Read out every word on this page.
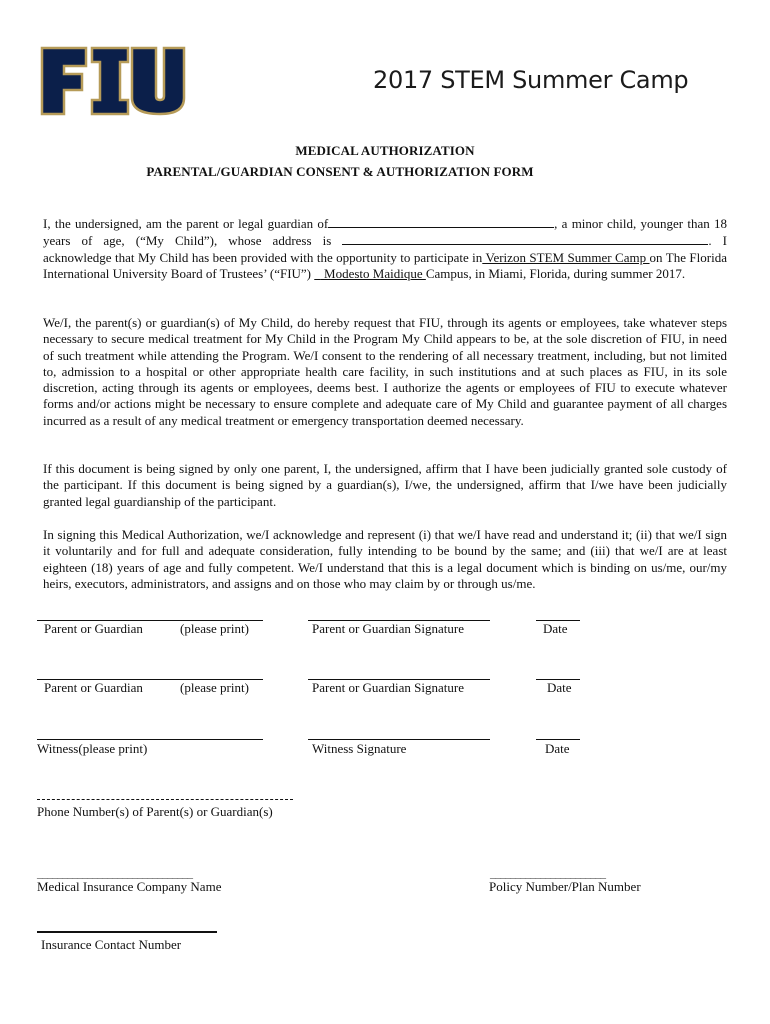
2017 STEM Summer Camp
MEDICAL AUTHORIZATION
PARENTAL/GUARDIAN CONSENT & AUTHORIZATION FORM
I, the undersigned, am the parent or legal guardian of	, a minor child, younger than 18 years of age, (“My Child”), whose address is	. I acknowledge that My Child has been provided with the opportunity to participate in Verizon STEM Summer Camp on The Florida International University Board of Trustees’ (“FIU”)    Modesto Maidique Campus, in Miami, Florida, during summer 2017.
We/I, the parent(s) or guardian(s) of My Child, do hereby request that FIU, through its agents or employees, take whatever steps necessary to secure medical treatment for My Child in the Program My Child appears to be, at the sole discretion of FIU, in need of such treatment while attending the Program. We/I consent to the rendering of all necessary treatment, including, but not limited to, admission to a hospital or other appropriate health care facility, in such institutions and at such places as FIU, in its sole discretion, acting through its agents or employees, deems best. I authorize the agents or employees of FIU to execute whatever forms and/or actions might be necessary to ensure complete and adequate care of My Child and guarantee payment of all charges incurred as a result of any medical treatment or emergency transportation deemed necessary.
If this document is being signed by only one parent, I, the undersigned, affirm that I have been judicially granted sole custody of the participant. If this document is being signed by a guardian(s), I/we, the undersigned, affirm that I/we have been judicially granted legal guardianship of the participant.
In signing this Medical Authorization, we/I acknowledge and represent (i) that we/I have read and understand it; (ii) that we/I sign it voluntarily and for full and adequate consideration, fully intending to be bound by the same; and (iii) that we/I are at least eighteen (18) years of age and fully competent. We/I understand that this is a legal document which is binding on us/me, our/my heirs, executors, administrators, and assigns and on those who may claim by or through us/me.
Parent or Guardian	(please print)	Parent or Guardian Signature	Date
Parent or Guardian	(please print)	Parent or Guardian Signature	Date
Witness(please print)	Witness Signature	Date
Phone Number(s) of Parent(s) or Guardian(s)
_______________________________
Medical Insurance Company Name
_______________________
Policy Number/Plan Number
Insurance Contact Number
